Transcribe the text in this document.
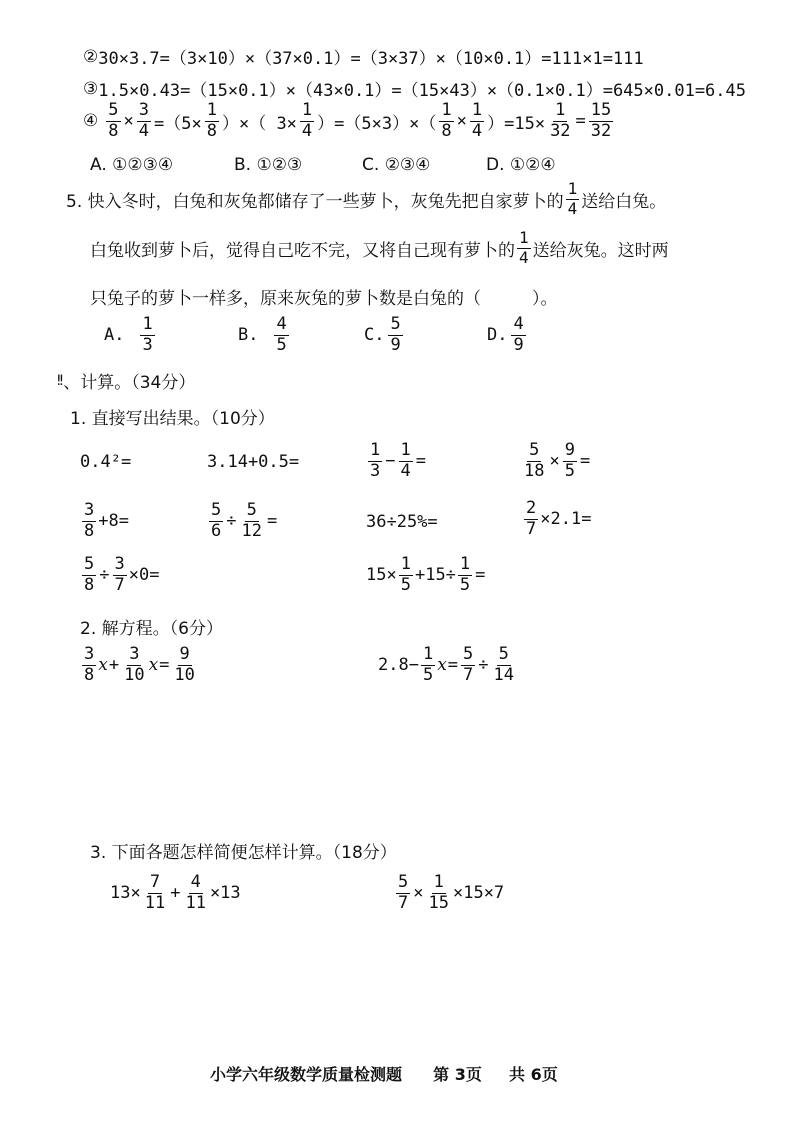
② 30×3.7=（3×10）×（37×0.1）=（3×37）×（10×0.1）=111×1=111
③ 1.5×0.43=（15×0.1）×（43×0.1）=（15×43）×（0.1×0.1）=645×0.01=6.45
④ $\frac{5}{8} \times \frac{3}{4} =(5\times \frac{1}{8}$ ）×（ $3\times \frac{1}{4} )=(5\times 3)\times( \frac{1}{8} \times \frac{1}{4} )=15\times \frac{1}{32} = \frac{15}{32}$
A. ①②③④	B. ①②③	C. ②③④	D. ①②④
5. 快入冬时，白兔和灰兔都储存了一些萝卜，灰兔先把自家萝卜的 $\frac{1}{4}$ 送给白兔。
白兔收到萝卜后，觉得自己吃不完，又将自己现有萝卜的 $\frac{1}{4}$ 送给灰兔。这时两
只兔子的萝卜一样多，原来灰兔的萝卜数是白兔的（　　　）。
A. $\frac{1}{3}$	B. $\frac{4}{5}$	C. $\frac{5}{9}$	D. $\frac{4}{9}$
!! 、计算。（34分）
1. 直接写出结果。（10分）
0.4²=	3.14+0.5=	$\frac{1}{3} - \frac{1}{4}$ =	$\frac{5}{18} \times \frac{9}{5}$ =
$\frac{3}{8} +8=$	$\frac{5}{6} \div \frac{5}{12}$ =	36÷25%=	$\frac{2}{7} \times 2.1=$
$\frac{5}{8} \div \frac{3}{7} \times 0=$	$15\times \frac{1}{5} +15\div \frac{1}{5}$ =
2. 解方程。（6分）
$\frac{3}{8}$ $x + \frac{3}{10}$ $x = \frac{9}{10}$	$2.8- \frac{1}{5}$ $x = \frac{5}{7} \div \frac{5}{14}$
3. 下面各题怎样简便怎样计算。（18分）
$13\times \frac{7}{11} + \frac{4}{11} \times 13$	$\frac{5}{7} \times \frac{1}{15} \times 15\times 7$
小学六年级数学质量检测题 第 3页 共 6页
